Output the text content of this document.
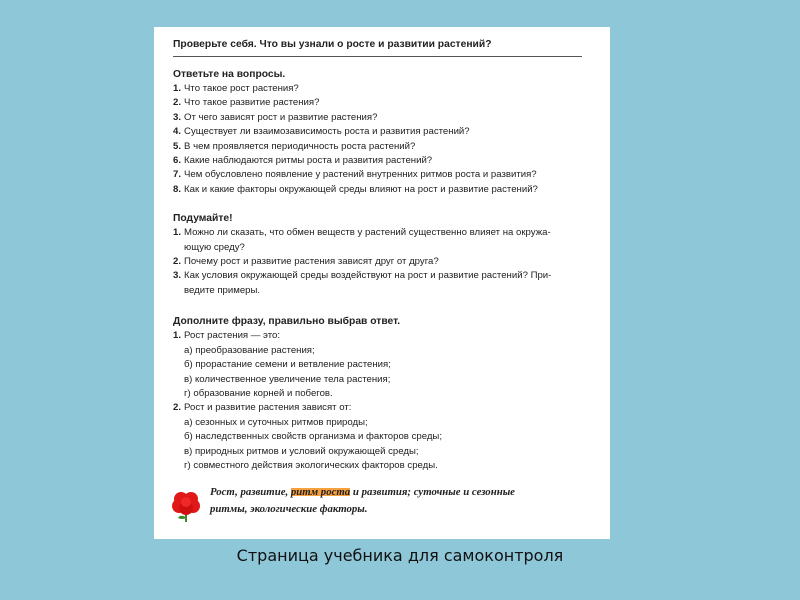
Проверьте себя. Что вы узнали о росте и развитии растений?
Ответьте на вопросы.
1. Что такое рост растения?
2. Что такое развитие растения?
3. От чего зависят рост и развитие растения?
4. Существует ли взаимозависимость роста и развития растений?
5. В чем проявляется периодичность роста растений?
6. Какие наблюдаются ритмы роста и развития растений?
7. Чем обусловлено появление у растений внутренних ритмов роста и развития?
8. Как и какие факторы окружающей среды влияют на рост и развитие растений?
Подумайте!
1. Можно ли сказать, что обмен веществ у растений существенно влияет на окружа-
ющую среду?
2. Почему рост и развитие растения зависят друг от друга?
3. Как условия окружающей среды воздействуют на рост и развитие растений? При-
ведите примеры.
Дополните фразу, правильно выбрав ответ.
1. Рост растения — это:
а) преобразование растения;
б) прорастание семени и ветвление растения;
в) количественное увеличение тела растения;
г) образование корней и побегов.
2. Рост и развитие растения зависят от:
а) сезонных и суточных ритмов природы;
б) наследственных свойств организма и факторов среды;
в) природных ритмов и условий окружающей среды;
г) совместного действия экологических факторов среды.
Рост, развитие, ритм роста и развития; суточные и сезонные
ритмы, экологические факторы.
Страница учебника для самоконтроля
